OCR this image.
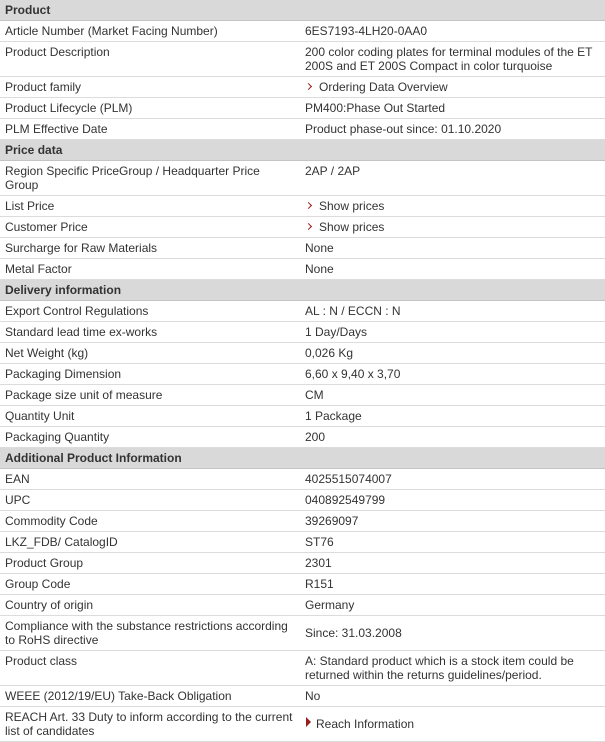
Product	
Article Number (Market Facing Number)	6ES7193-4LH20-0AA0
Product Description	200 color coding plates for terminal modules of the ET 200S and ET 200S Compact in color turquoise
Product family	Ordering Data Overview
Product Lifecycle (PLM)	PM400:Phase Out Started
PLM Effective Date	Product phase-out since: 01.10.2020
Price data	
Region Specific PriceGroup / Headquarter Price Group	2AP / 2AP
List Price	Show prices
Customer Price	Show prices
Surcharge for Raw Materials	None
Metal Factor	None
Delivery information	
Export Control Regulations	AL : N / ECCN : N
Standard lead time ex-works	1 Day/Days
Net Weight (kg)	0,026 Kg
Packaging Dimension	6,60 x 9,40 x 3,70
Package size unit of measure	CM
Quantity Unit	1 Package
Packaging Quantity	200
Additional Product Information	
EAN	4025515074007
UPC	040892549799
Commodity Code	39269097
LKZ_FDB/ CatalogID	ST76
Product Group	2301
Group Code	R151
Country of origin	Germany
Compliance with the substance restrictions according to RoHS directive	Since: 31.03.2008
Product class	A: Standard product which is a stock item could be returned within the returns guidelines/period.
WEEE (2012/19/EU) Take-Back Obligation	No
REACH Art. 33 Duty to inform according to the current list of candidates	Reach Information
